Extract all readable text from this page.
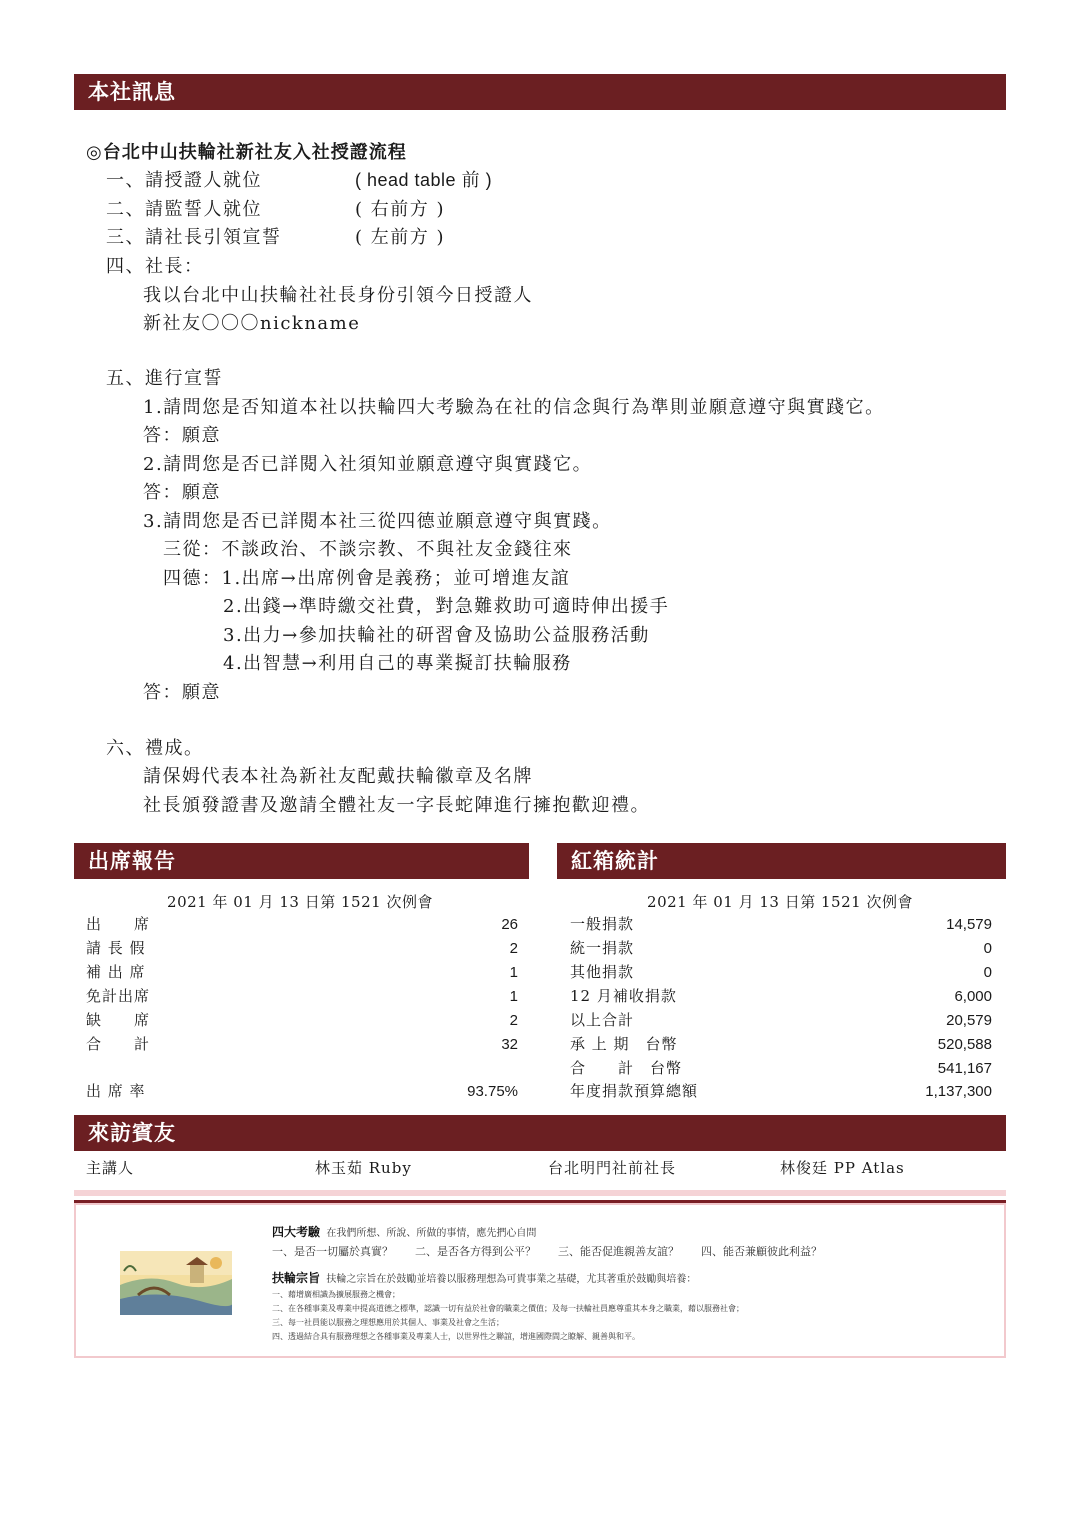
本社訊息
◎台北中山扶輪社新社友入社授證流程
一、請授證人就位	( head table 前 )
二、請監誓人就位	( 右前方 )
三、請社長引領宣誓	( 左前方 )
四、社長：
我以台北中山扶輪社社長身份引領今日授證人
新社友〇〇〇nickname
五、進行宣誓
1.請問您是否知道本社以扶輪四大考驗為在社的信念與行為準則並願意遵守與實踐它。
答：願意
2.請問您是否已詳閱入社須知並願意遵守與實踐它。
答：願意
3.請問您是否已詳閱本社三從四德並願意遵守與實踐。
三從：不談政治、不談宗教、不與社友金錢往來
四德：1.出席→出席例會是義務；並可增進友誼
2.出錢→準時繳交社費，對急難救助可適時伸出援手
3.出力→參加扶輪社的研習會及協助公益服務活動
4.出智慧→利用自己的專業擬訂扶輪服務
答：願意
六、禮成。
請保姆代表本社為新社友配戴扶輪徽章及名牌
社長頒發證書及邀請全體社友一字長蛇陣進行擁抱歡迎禮。
出席報告
2021 年 01 月 13 日第 1521 次例會
出　　席	26
請 長 假	2
補 出 席	1
免計出席	1
缺　　席	2
合　　計	32
出 席 率	93.75%
紅箱統計
2021 年 01 月 13 日第 1521 次例會
一般捐款	14,579
統一捐款	0
其他捐款	0
12 月補收捐款	6,000
以上合計	20,579
承 上 期　台幣	520,588
合　　計　台幣	541,167
年度捐款預算總額	1,137,300
來訪賓友
主講人	林玉茹 Ruby	台北明門社前社長	林俊廷 PP Atlas
四大考驗 在我們所想、所說、所做的事情，應先捫心自問
一、是否一切屬於真實？　　二、是否各方得到公平？　　三、能否促進親善友誼？　　四、能否兼顧彼此利益？
扶輪宗旨 扶輪之宗旨在於鼓勵並培養以服務理想為可貴事業之基礎，尤其著重於鼓勵與培養：
一、藉增廣相識為擴展服務之機會；
二、在各種事業及專業中提高道德之標準，認識一切有益於社會的職業之價值；及每一扶輪社員應尊重其本身之職業，藉以服務社會；
三、每一社員能以服務之理想應用於其個人、事業及社會之生活；
四、透過結合具有服務理想之各種事業及專業人士，以世界性之聯誼，增進國際間之瞭解、親善與和平。
